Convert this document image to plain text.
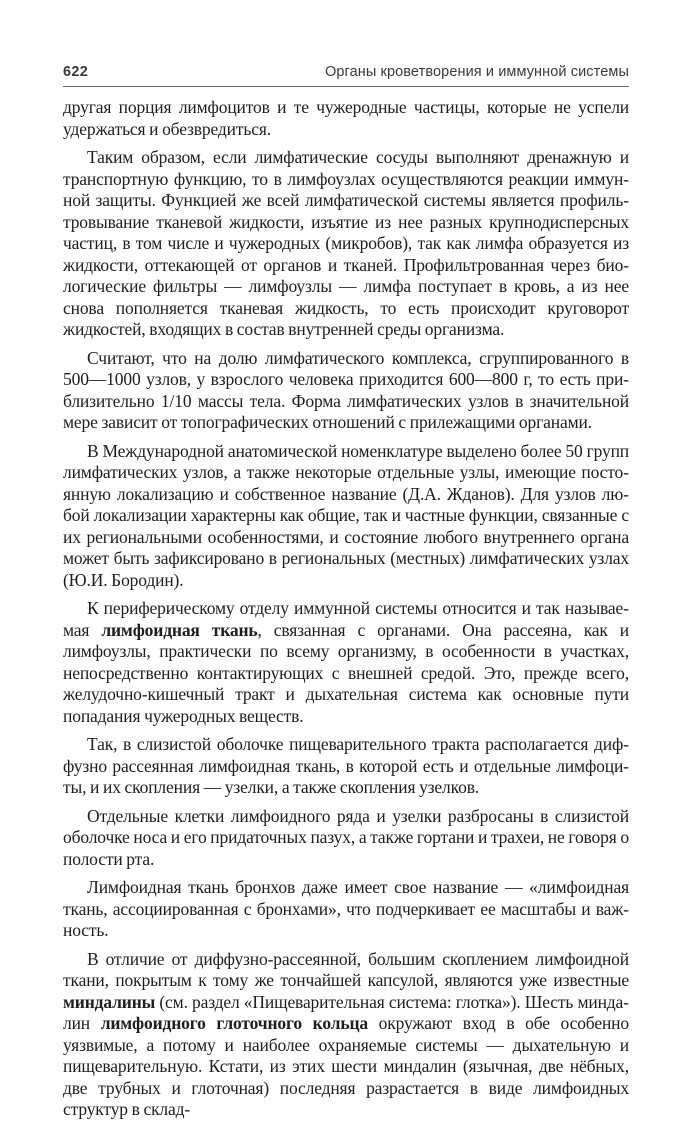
622	Органы кроветворения и иммунной системы

другая порция лимфоцитов и те чужеродные частицы, которые не успели удержаться и обезвредиться.

Таким образом, если лимфатические сосуды выполняют дренажную и транспортную функцию, то в лимфоузлах осуществляются реакции иммунной защиты. Функцией же всей лимфатической системы является профильтровывание тканевой жидкости, изъятие из нее разных крупнодисперсных частиц, в том числе и чужеродных (микробов), так как лимфа образуется из жидкости, оттекающей от органов и тканей. Профильтрованная через биологические фильтры — лимфоузлы — лимфа поступает в кровь, а из нее снова пополняется тканевая жидкость, то есть происходит круговорот жидкостей, входящих в состав внутренней среды организма.

Считают, что на долю лимфатического комплекса, сгруппированного в 500—1000 узлов, у взрослого человека приходится 600—800 г, то есть приблизительно 1/10 массы тела. Форма лимфатических узлов в значительной мере зависит от топографических отношений с прилежащими органами.

В Международной анатомической номенклатуре выделено более 50 групп лимфатических узлов, а также некоторые отдельные узлы, имеющие постоянную локализацию и собственное название (Д.А. Жданов). Для узлов любой локализации характерны как общие, так и частные функции, связанные с их региональными особенностями, и состояние любого внутреннего органа может быть зафиксировано в региональных (местных) лимфатических узлах (Ю.И. Бородин).

К периферическому отделу иммунной системы относится и так называемая лимфоидная ткань, связанная с органами. Она рассеяна, как и лимфоузлы, практически по всему организму, в особенности в участках, непосредственно контактирующих с внешней средой. Это, прежде всего, желудочно-кишечный тракт и дыхательная система как основные пути попадания чужеродных веществ.

Так, в слизистой оболочке пищеварительного тракта располагается диффузно рассеянная лимфоидная ткань, в которой есть и отдельные лимфоциты, и их скопления — узелки, а также скопления узелков.

Отдельные клетки лимфоидного ряда и узелки разбросаны в слизистой оболочке носа и его придаточных пазух, а также гортани и трахеи, не говоря о полости рта.

Лимфоидная ткань бронхов даже имеет свое название — «лимфоидная ткань, ассоциированная с бронхами», что подчеркивает ее масштабы и важность.

В отличие от диффузно-рассеянной, большим скоплением лимфоидной ткани, покрытым к тому же тончайшей капсулой, являются уже известные миндалины (см. раздел «Пищеварительная система: глотка»). Шесть миндалин лимфоидного глоточного кольца окружают вход в обе особенно уязвимые, а потому и наиболее охраняемые системы — дыхательную и пищеварительную. Кстати, из этих шести миндалин (язычная, две нёбных, две трубных и глоточная) последняя разрастается в виде лимфоидных структур в склад-
